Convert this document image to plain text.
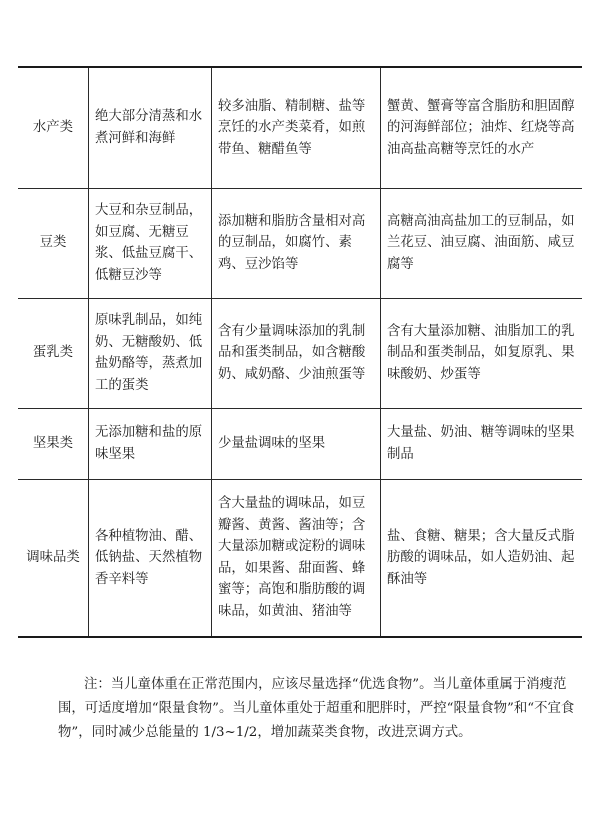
水产类	绝大部分清蒸和水煮河鲜和海鲜	较多油脂、精制糖、盐等烹饪的水产类菜肴，如煎带鱼、糖醋鱼等	蟹黄、蟹膏等富含脂肪和胆固醇的河海鲜部位；油炸、红烧等高油高盐高糖等烹饪的水产
豆类	大豆和杂豆制品，如豆腐、无糖豆浆、低盐豆腐干、低糖豆沙等	添加糖和脂肪含量相对高的豆制品，如腐竹、素鸡、豆沙馅等	高糖高油高盐加工的豆制品，如兰花豆、油豆腐、油面筋、咸豆腐等
蛋乳类	原味乳制品，如纯奶、无糖酸奶、低盐奶酪等，蒸煮加工的蛋类	含有少量调味添加的乳制品和蛋类制品，如含糖酸奶、咸奶酪、少油煎蛋等	含有大量添加糖、油脂加工的乳制品和蛋类制品，如复原乳、果味酸奶、炒蛋等
坚果类	无添加糖和盐的原味坚果	少量盐调味的坚果	大量盐、奶油、糖等调味的坚果制品
调味品类	各种植物油、醋、低钠盐、天然植物香辛料等	含大量盐的调味品，如豆瓣酱、黄酱、酱油等；含大量添加糖或淀粉的调味品，如果酱、甜面酱、蜂蜜等；高饱和脂肪酸的调味品，如黄油、猪油等	盐、食糖、糖果；含大量反式脂肪酸的调味品，如人造奶油、起酥油等

注：当儿童体重在正常范围内，应该尽量选择“优选食物”。当儿童体重属于消瘦范围，可适度增加“限量食物”。当儿童体重处于超重和肥胖时，严控“限量食物”和“不宜食物”，同时减少总能量的 1/3~1/2，增加蔬菜类食物，改进烹调方式。
